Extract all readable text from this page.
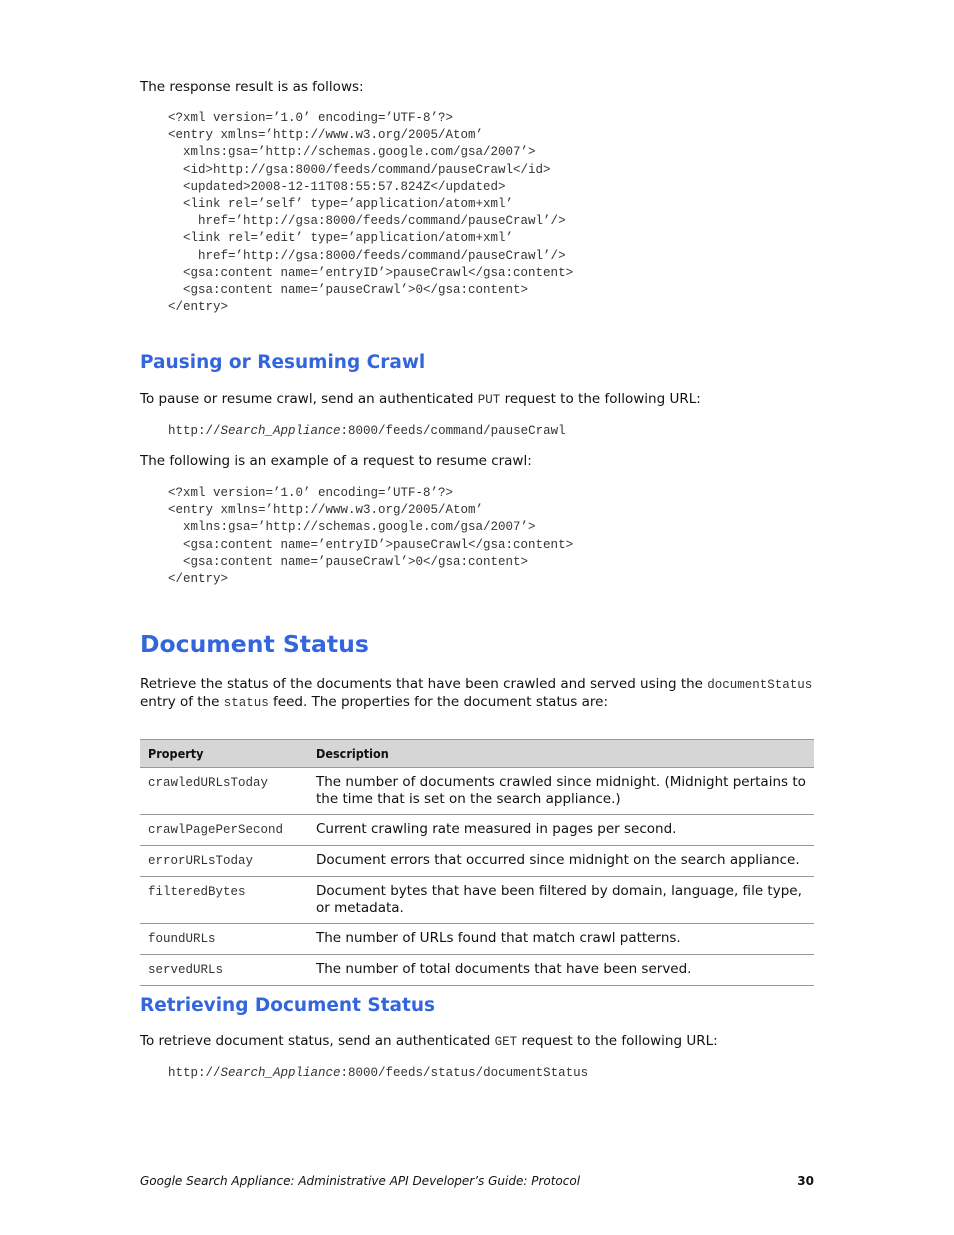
The response result is as follows:

<?xml version=’1.0’ encoding=’UTF-8’?>
<entry xmlns=’http://www.w3.org/2005/Atom’
xmlns:gsa=’http://schemas.google.com/gsa/2007’>
<id>http://gsa:8000/feeds/command/pauseCrawl</id>
<updated>2008-12-11T08:55:57.824Z</updated>
<link rel=’self’ type=’application/atom+xml’
href=’http://gsa:8000/feeds/command/pauseCrawl’/>
<link rel=’edit’ type=’application/atom+xml’
href=’http://gsa:8000/feeds/command/pauseCrawl’/>
<gsa:content name=’entryID’>pauseCrawl</gsa:content>
<gsa:content name=’pauseCrawl’>0</gsa:content>
</entry>
Pausing or Resuming Crawl

To pause or resume crawl, send an authenticated PUT request to the following URL:

http://Search_Appliance:8000/feeds/command/pauseCrawl

The following is an example of a request to resume crawl:

<?xml version=’1.0’ encoding=’UTF-8’?>
<entry xmlns=’http://www.w3.org/2005/Atom’
xmlns:gsa=’http://schemas.google.com/gsa/2007’>
<gsa:content name=’entryID’>pauseCrawl</gsa:content>
<gsa:content name=’pauseCrawl’>0</gsa:content>
</entry>
Document Status

Retrieve the status of the documents that have been crawled and served using the documentStatus
entry of the status feed. The properties for the document status are:

Property	Description
crawledURLsToday	The number of documents crawled since midnight. (Midnight pertains to the time that is set on the search appliance.)
crawlPagePerSecond	Current crawling rate measured in pages per second.
errorURLsToday	Document errors that occurred since midnight on the search appliance.
filteredBytes	Document bytes that have been filtered by domain, language, file type, or metadata.
foundURLs	The number of URLs found that match crawl patterns.
servedURLs	The number of total documents that have been served.
Retrieving Document Status

To retrieve document status, send an authenticated GET request to the following URL:

http://Search_Appliance:8000/feeds/status/documentStatus
Google Search Appliance: Administrative API Developer’s Guide: Protocol	30
